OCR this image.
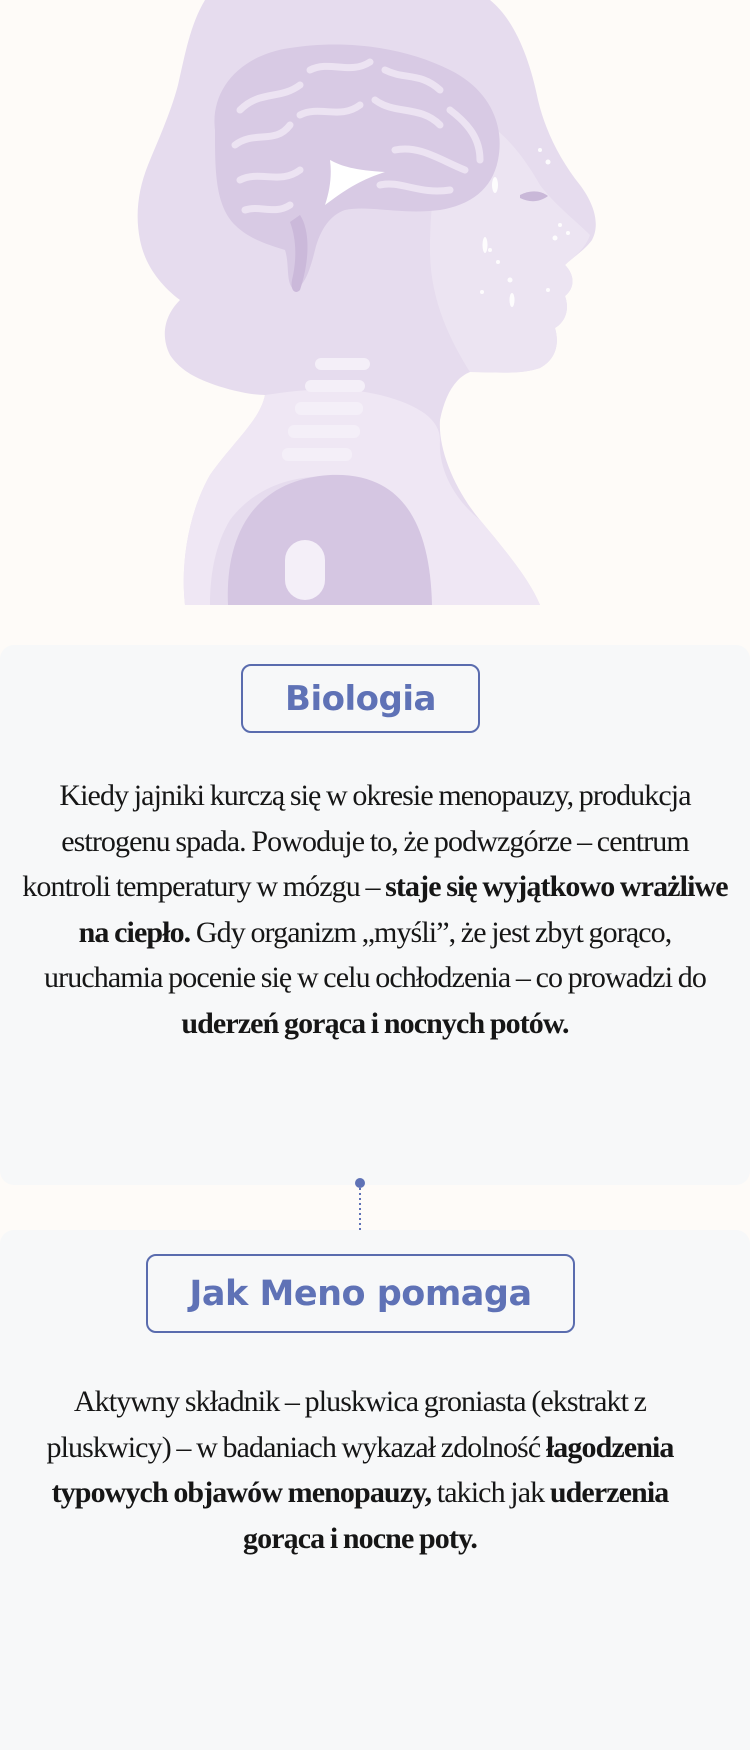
Biologia

Kiedy jajniki kurczą się w okresie menopauzy, produkcja estrogenu spada. Powoduje to, że podwzgórze – centrum kontroli temperatury w mózgu – staje się wyjątkowo wrażliwe na ciepło. Gdy organizm „myśli”, że jest zbyt gorąco, uruchamia pocenie się w celu ochłodzenia – co prowadzi do uderzeń gorąca i nocnych potów.

Jak Meno pomaga

Aktywny składnik – pluskwica groniasta (ekstrakt z pluskwicy) – w badaniach wykazał zdolność łagodzenia typowych objawów menopauzy, takich jak uderzenia gorąca i nocne poty.
